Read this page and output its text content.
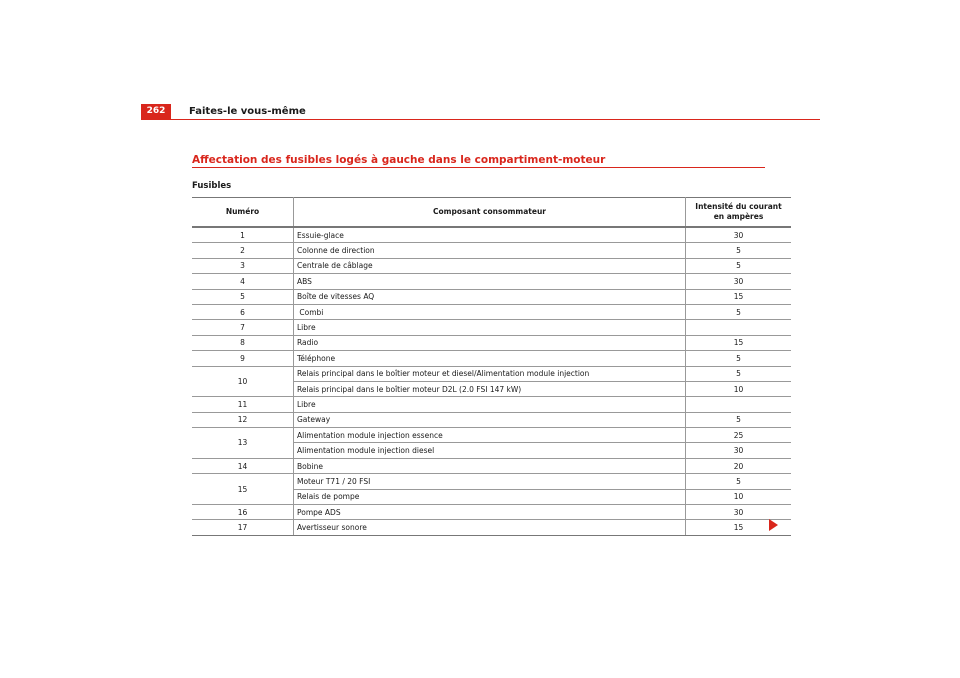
262	Faites-le vous-même
Affectation des fusibles logés à gauche dans le compartiment-moteur
Fusibles
Numéro	Composant consommateur	Intensité du courant en ampères
1	Essuie-glace	30
2	Colonne de direction	5
3	Centrale de câblage	5
4	ABS	30
5	Boîte de vitesses AQ	15
6	Combi	5
7	Libre	
8	Radio	15
9	Téléphone	5
10	Relais principal dans le boîtier moteur et diesel/Alimentation module injection	5
	Relais principal dans le boîtier moteur D2L (2.0 FSI 147 kW)	10
11	Libre	
12	Gateway	5
13	Alimentation module injection essence	25
	Alimentation module injection diesel	30
14	Bobine	20
15	Moteur T71 / 20 FSI	5
	Relais de pompe	10
16	Pompe ADS	30
17	Avertisseur sonore	15
